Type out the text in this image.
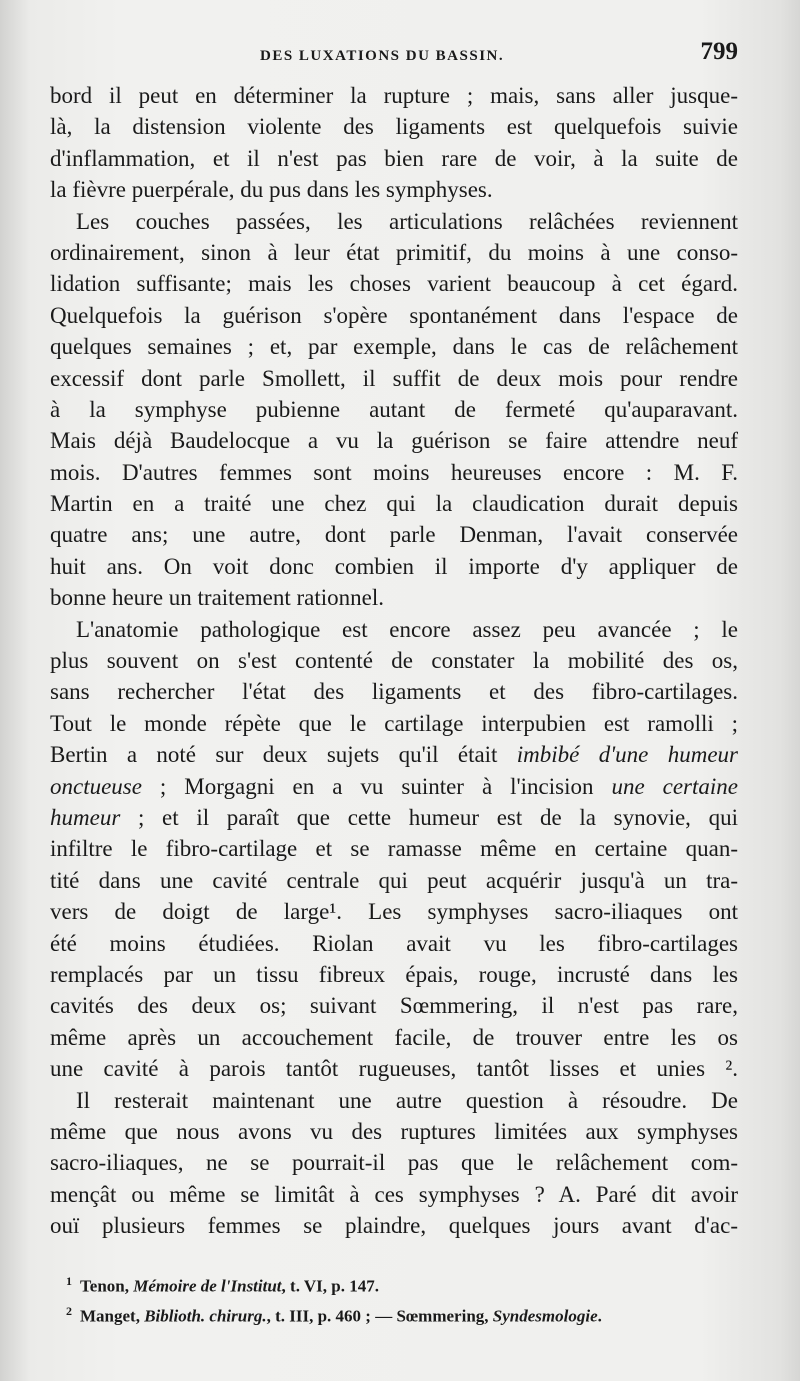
DES LUXATIONS DU BASSIN.	799
bord il peut en déterminer la rupture ; mais, sans aller jusque-
là, la distension violente des ligaments est quelquefois suivie
d'inflammation, et il n'est pas bien rare de voir, à la suite de
la fièvre puerpérale, du pus dans les symphyses.
Les couches passées, les articulations relâchées reviennent
ordinairement, sinon à leur état primitif, du moins à une conso-
lidation suffisante; mais les choses varient beaucoup à cet égard.
Quelquefois la guérison s'opère spontanément dans l'espace de
quelques semaines ; et, par exemple, dans le cas de relâchement
excessif dont parle Smollett, il suffit de deux mois pour rendre
à la symphyse pubienne autant de fermeté qu'auparavant.
Mais déjà Baudelocque a vu la guérison se faire attendre neuf
mois. D'autres femmes sont moins heureuses encore : M. F.
Martin en a traité une chez qui la claudication durait depuis
quatre ans; une autre, dont parle Denman, l'avait conservée
huit ans. On voit donc combien il importe d'y appliquer de
bonne heure un traitement rationnel.
L'anatomie pathologique est encore assez peu avancée ; le
plus souvent on s'est contenté de constater la mobilité des os,
sans rechercher l'état des ligaments et des fibro-cartilages.
Tout le monde répète que le cartilage interpubien est ramolli ;
Bertin a noté sur deux sujets qu'il était imbibé d'une humeur
onctueuse ; Morgagni en a vu suinter à l'incision une certaine
humeur ; et il paraît que cette humeur est de la synovie, qui
infiltre le fibro-cartilage et se ramasse même en certaine quan-
tité dans une cavité centrale qui peut acquérir jusqu'à un tra-
vers de doigt de large¹. Les symphyses sacro-iliaques ont
été moins étudiées. Riolan avait vu les fibro-cartilages
remplacés par un tissu fibreux épais, rouge, incrusté dans les
cavités des deux os; suivant Sœmmering, il n'est pas rare,
même après un accouchement facile, de trouver entre les os
une cavité à parois tantôt rugueuses, tantôt lisses et unies ².
Il resterait maintenant une autre question à résoudre. De
même que nous avons vu des ruptures limitées aux symphyses
sacro-iliaques, ne se pourrait-il pas que le relâchement com-
mençât ou même se limitât à ces symphyses ? A. Paré dit avoir
ouï plusieurs femmes se plaindre, quelques jours avant d'ac-
$^1$ Tenon, Mémoire de l'Institut, t. VI, p. 147.
$^2$ Manget, Biblioth. chirurg., t. III, p. 460 ; — Sœmmering, Syndesmologie.
